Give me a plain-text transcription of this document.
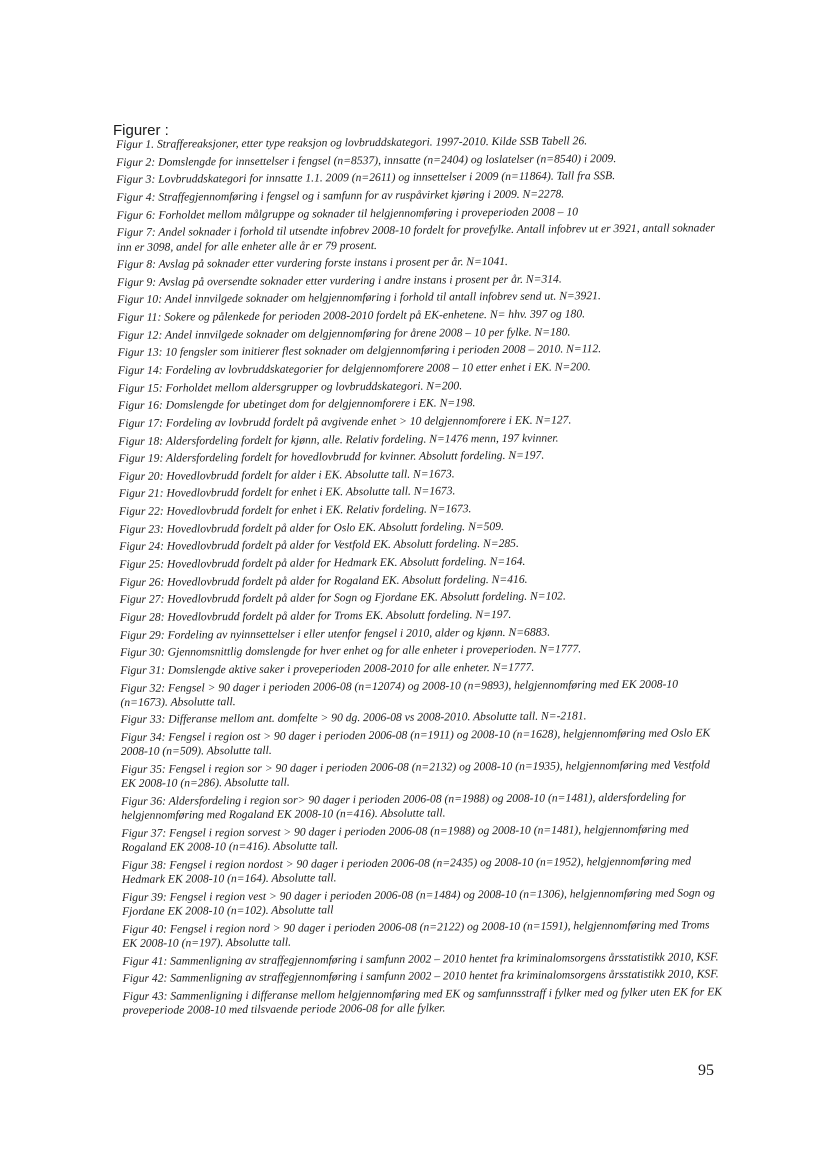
Figurer :

Figur 1. Straffereaksjoner, etter type reaksjon og lovbruddskategori. 1997-2010. Kilde SSB Tabell 26.

Figur 2: Domslengde for innsettelser i fengsel (n=8537), innsatte (n=2404) og loslatelser (n=8540) i 2009.

Figur 3: Lovbruddskategori for innsatte 1.1. 2009 (n=2611) og innsettelser i 2009 (n=11864). Tall fra SSB.

Figur 4: Straffegjennomføring i fengsel og i samfunn for av ruspåvirket kjøring i 2009. N=2278.

Figur 6: Forholdet mellom målgruppe og soknader til helgjennomføring i proveperioden 2008 – 10

Figur 7: Andel soknader i forhold til utsendte infobrev 2008-10 fordelt for provefylke. Antall infobrev ut er 3921, antall soknader inn er 3098, andel for alle enheter alle år er 79 prosent.

Figur 8: Avslag på soknader etter vurdering forste instans i prosent per år. N=1041.

Figur 9: Avslag på oversendte soknader etter vurdering i andre instans i prosent per år. N=314.

Figur 10: Andel innvilgede soknader om helgjennomføring i forhold til antall infobrev send ut. N=3921.

Figur 11: Sokere og pålenkede for perioden 2008-2010 fordelt på EK-enhetene. N= hhv. 397 og 180.

Figur 12: Andel innvilgede soknader om delgjennomføring for årene 2008 – 10 per fylke. N=180.

Figur 13: 10 fengsler som initierer flest soknader om delgjennomføring i perioden 2008 – 2010. N=112.

Figur 14: Fordeling av lovbruddskategorier for delgjennomforere 2008 – 10 etter enhet i EK. N=200.

Figur 15: Forholdet mellom aldersgrupper og lovbruddskategori. N=200.

Figur 16: Domslengde for ubetinget dom for delgjennomforere i EK. N=198.

Figur 17: Fordeling av lovbrudd fordelt på avgivende enhet > 10 delgjennomforere i EK. N=127.

Figur 18: Aldersfordeling fordelt for kjønn, alle. Relativ fordeling. N=1476 menn, 197 kvinner.

Figur 19: Aldersfordeling fordelt for hovedlovbrudd for kvinner. Absolutt fordeling. N=197.

Figur 20: Hovedlovbrudd fordelt for alder i EK. Absolutte tall. N=1673.

Figur 21: Hovedlovbrudd fordelt for enhet i EK. Absolutte tall. N=1673.

Figur 22: Hovedlovbrudd fordelt for enhet i EK. Relativ fordeling. N=1673.

Figur 23: Hovedlovbrudd fordelt på alder for Oslo EK. Absolutt fordeling. N=509.

Figur 24: Hovedlovbrudd fordelt på alder for Vestfold EK. Absolutt fordeling. N=285.

Figur 25: Hovedlovbrudd fordelt på alder for Hedmark EK. Absolutt fordeling. N=164.

Figur 26: Hovedlovbrudd fordelt på alder for Rogaland EK. Absolutt fordeling. N=416.

Figur 27: Hovedlovbrudd fordelt på alder for Sogn og Fjordane EK. Absolutt fordeling. N=102.

Figur 28: Hovedlovbrudd fordelt på alder for Troms EK. Absolutt fordeling. N=197.

Figur 29: Fordeling av nyinnsettelser i eller utenfor fengsel i 2010, alder og kjønn. N=6883.

Figur 30: Gjennomsnittlig domslengde for hver enhet og for alle enheter i proveperioden. N=1777.

Figur 31: Domslengde aktive saker i proveperioden 2008-2010 for alle enheter. N=1777.

Figur 32: Fengsel > 90 dager i perioden 2006-08 (n=12074) og 2008-10 (n=9893), helgjennomføring med EK 2008-10 (n=1673). Absolutte tall.

Figur 33: Differanse mellom ant. domfelte > 90 dg. 2006-08 vs 2008-2010. Absolutte tall. N=-2181.

Figur 34: Fengsel i region ost > 90 dager i perioden 2006-08 (n=1911) og 2008-10 (n=1628), helgjennomføring med Oslo EK 2008-10 (n=509). Absolutte tall.

Figur 35: Fengsel i region sor > 90 dager i perioden 2006-08 (n=2132) og 2008-10 (n=1935), helgjennomføring med Vestfold EK 2008-10 (n=286). Absolutte tall.

Figur 36: Aldersfordeling i region sor> 90 dager i perioden 2006-08 (n=1988) og 2008-10 (n=1481), aldersfordeling for helgjennomføring med Rogaland EK 2008-10 (n=416). Absolutte tall.

Figur 37: Fengsel i region sorvest > 90 dager i perioden 2006-08 (n=1988) og 2008-10 (n=1481), helgjennomføring med Rogaland EK 2008-10 (n=416). Absolutte tall.

Figur 38: Fengsel i region nordost > 90 dager i perioden 2006-08 (n=2435) og 2008-10 (n=1952), helgjennomføring med Hedmark EK 2008-10 (n=164). Absolutte tall.

Figur 39: Fengsel i region vest > 90 dager i perioden 2006-08 (n=1484) og 2008-10 (n=1306), helgjennomføring med Sogn og Fjordane EK 2008-10 (n=102). Absolutte tall

Figur 40: Fengsel i region nord > 90 dager i perioden 2006-08 (n=2122) og 2008-10 (n=1591), helgjennomføring med Troms EK 2008-10 (n=197). Absolutte tall.

Figur 41: Sammenligning av straffegjennomføring i samfunn 2002 – 2010 hentet fra kriminalomsorgens årsstatistikk 2010, KSF.

Figur 42: Sammenligning av straffegjennomføring i samfunn 2002 – 2010 hentet fra kriminalomsorgens årsstatistikk 2010, KSF.

Figur 43: Sammenligning i differanse mellom helgjennomføring med EK og samfunnsstraff i fylker med og fylker uten EK for EK proveperiode 2008-10 med tilsvaende periode 2006-08 for alle fylker.

95
